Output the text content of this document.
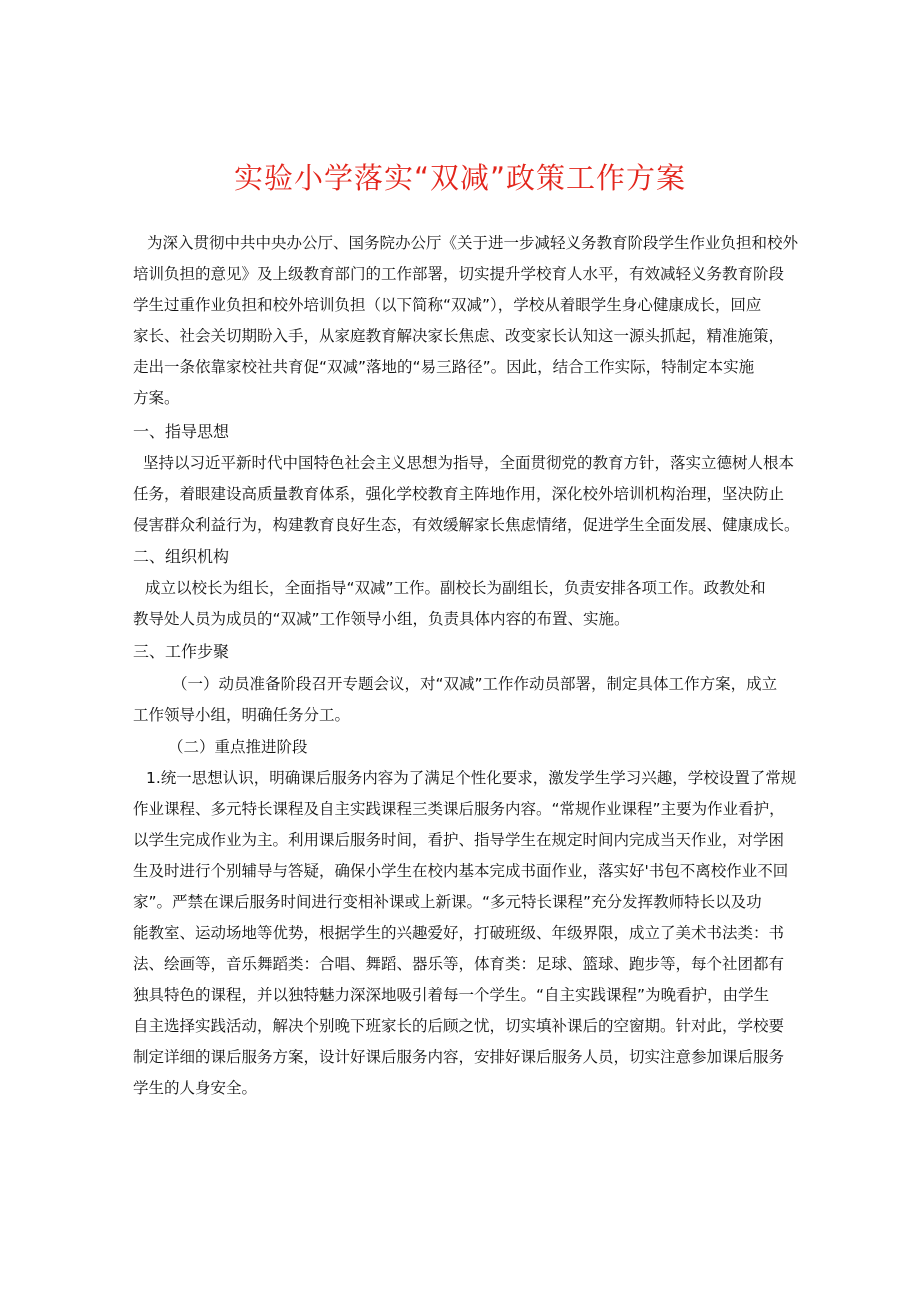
实验小学落实“双减”政策工作方案
为深入贯彻中共中央办公厅、国务院办公厅《关于进一步减轻义务教育阶段学生作业负担和校外
培训负担的意见》及上级教育部门的工作部署，切实提升学校育人水平，有效减轻义务教育阶段
学生过重作业负担和校外培训负担（以下简称“双减”），学校从着眼学生身心健康成长，回应
家长、社会关切期盼入手，从家庭教育解决家长焦虑、改变家长认知这一源头抓起，精准施策，
走出一条依靠家校社共育促“双减”落地的“易三路径”。因此，结合工作实际，特制定本实施
方案。
一、指导思想
坚持以习近平新时代中国特色社会主义思想为指导，全面贯彻党的教育方针，落实立德树人根本
任务，着眼建设高质量教育体系，强化学校教育主阵地作用，深化校外培训机构治理，坚决防止
侵害群众利益行为，构建教育良好生态，有效缓解家长焦虑情绪，促进学生全面发展、健康成长。
二、组织机构
成立以校长为组长，全面指导“双减”工作。副校长为副组长，负责安排各项工作。政教处和
教导处人员为成员的“双减”工作领导小组，负责具体内容的布置、实施。
三、工作步聚
（一）动员准备阶段召开专题会议，对“双减”工作作动员部署，制定具体工作方案，成立
工作领导小组，明确任务分工。
（二）重点推进阶段
1.统一思想认识，明确课后服务内容为了满足个性化要求，激发学生学习兴趣，学校设置了常规
作业课程、多元特长课程及自主实践课程三类课后服务内容。“常规作业课程”主要为作业看护，
以学生完成作业为主。利用课后服务时间，看护、指导学生在规定时间内完成当天作业，对学困
生及时进行个别辅导与答疑，确保小学生在校内基本完成书面作业，落实好'书包不离校作业不回
家”。严禁在课后服务时间进行变相补课或上新课。“多元特长课程”充分发挥教师特长以及功
能教室、运动场地等优势，根据学生的兴趣爱好，打破班级、年级界限，成立了美术书法类：书
法、绘画等，音乐舞蹈类：合唱、舞蹈、器乐等，体育类：足球、篮球、跑步等，每个社团都有
独具特色的课程，并以独特魅力深深地吸引着每一个学生。“自主实践课程”为晚看护，由学生
自主选择实践活动，解决个别晚下班家长的后顾之忧，切实填补课后的空窗期。针对此，学校要
制定详细的课后服务方案，设计好课后服务内容，安排好课后服务人员，切实注意参加课后服务
学生的人身安全。
